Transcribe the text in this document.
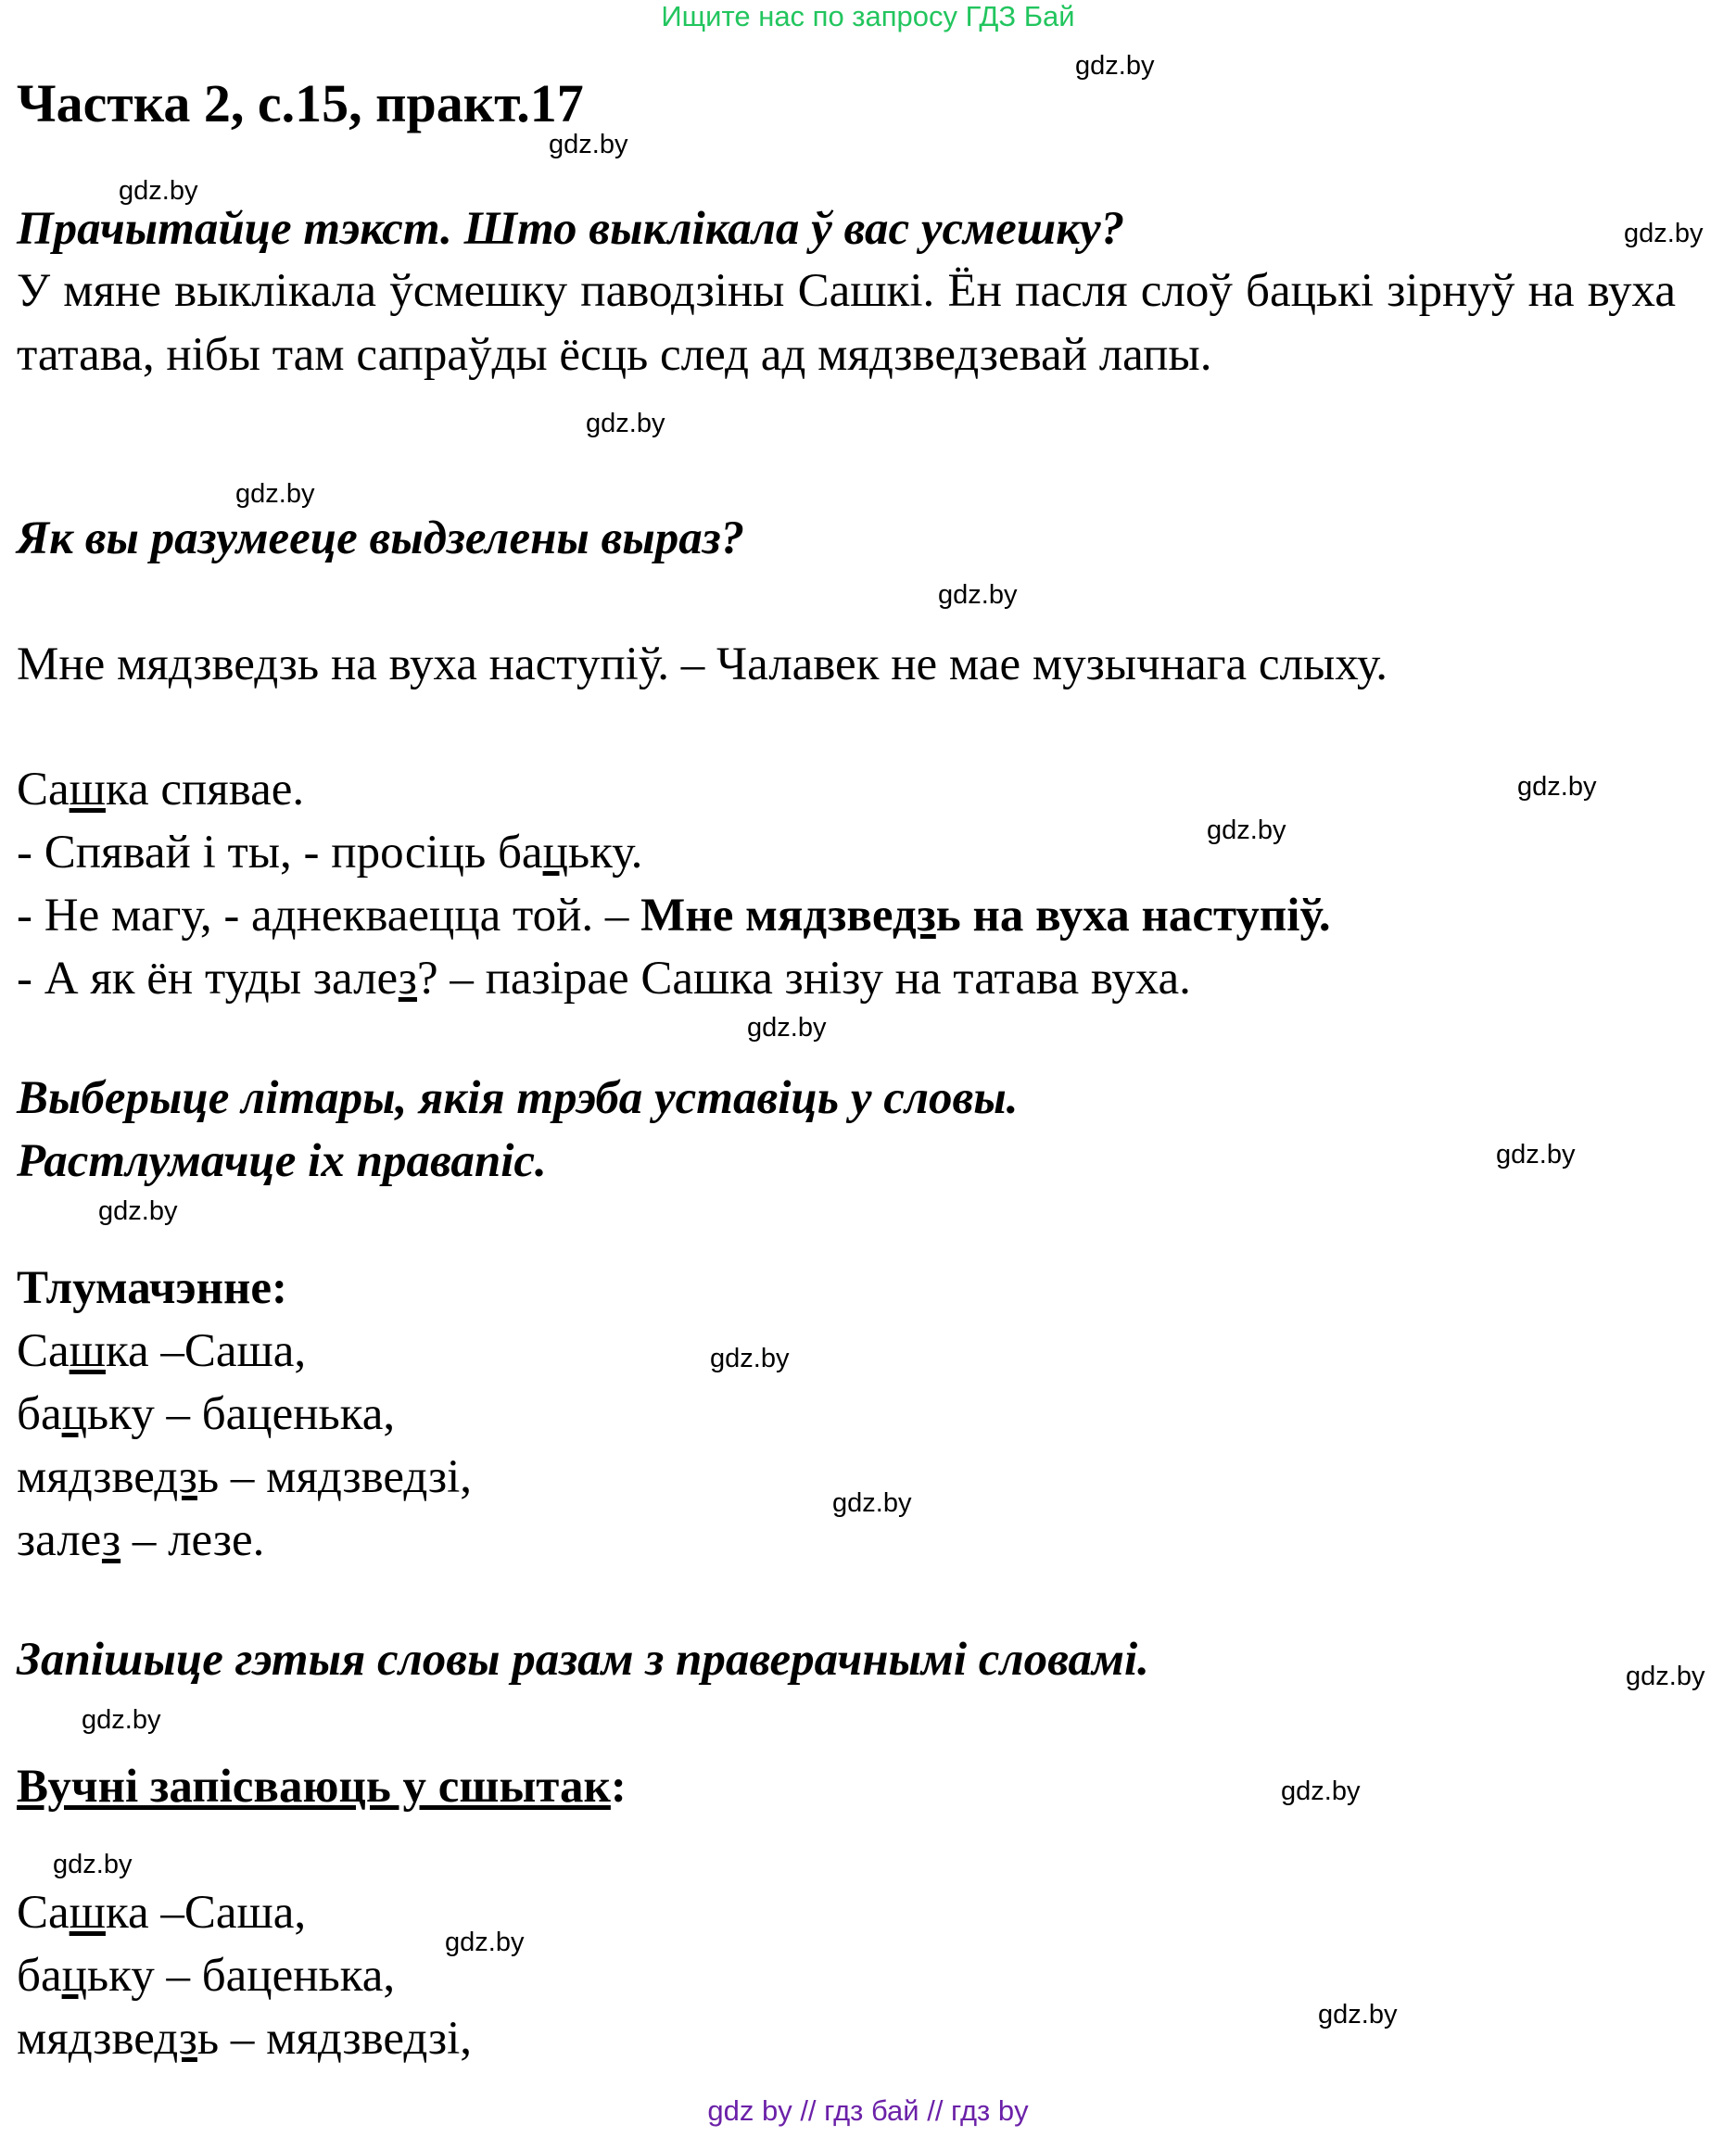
Ищите нас по запросу ГДЗ Бай
Частка 2, с.15, практ.17
gdz.by
gdz.by
gdz.by
gdz.by
gdz.by
gdz.by
gdz.by
gdz.by
gdz.by
gdz.by
gdz.by
gdz.by
gdz.by
gdz.by
gdz.by
gdz.by
gdz.by
gdz.by
gdz.by
gdz.by
Прачытайце тэкст. Што выклікала ў вас усмешку?
У мяне выклікала ўсмешку паводзіны Сашкі. Ён пасля слоў бацькі зірнуў на вуха татава, нібы там сапраўды ёсць след ад мядзведзевай лапы.
Як вы разумееце выдзелены выраз?
Мне мядзведзь на вуха наступіў. – Чалавек не мае музычнага слыху.
Сашка спявае.
- Спявай і ты, - просіць бацьку.
- Не магу, - аднекваецца той. – Мне мядзведзь на вуха наступіў.
- А як ён туды залез? – пазірае Сашка знізу на татава вуха.
Выберыце літары, якія трэба уставіць у словы.
Растлумачце іх правапіс.
Тлумачэнне:
Сашка –Саша,
бацьку – баценька,
мядзведзь – мядзведзі,
залез – лезе.
Запішыце гэтыя словы разам з праверачнымі словамі.
Вучні запісваюць у сшытак:
Сашка –Саша,
бацьку – баценька,
мядзведзь – мядзведзі,
gdz by // гдз бай // гдз by
